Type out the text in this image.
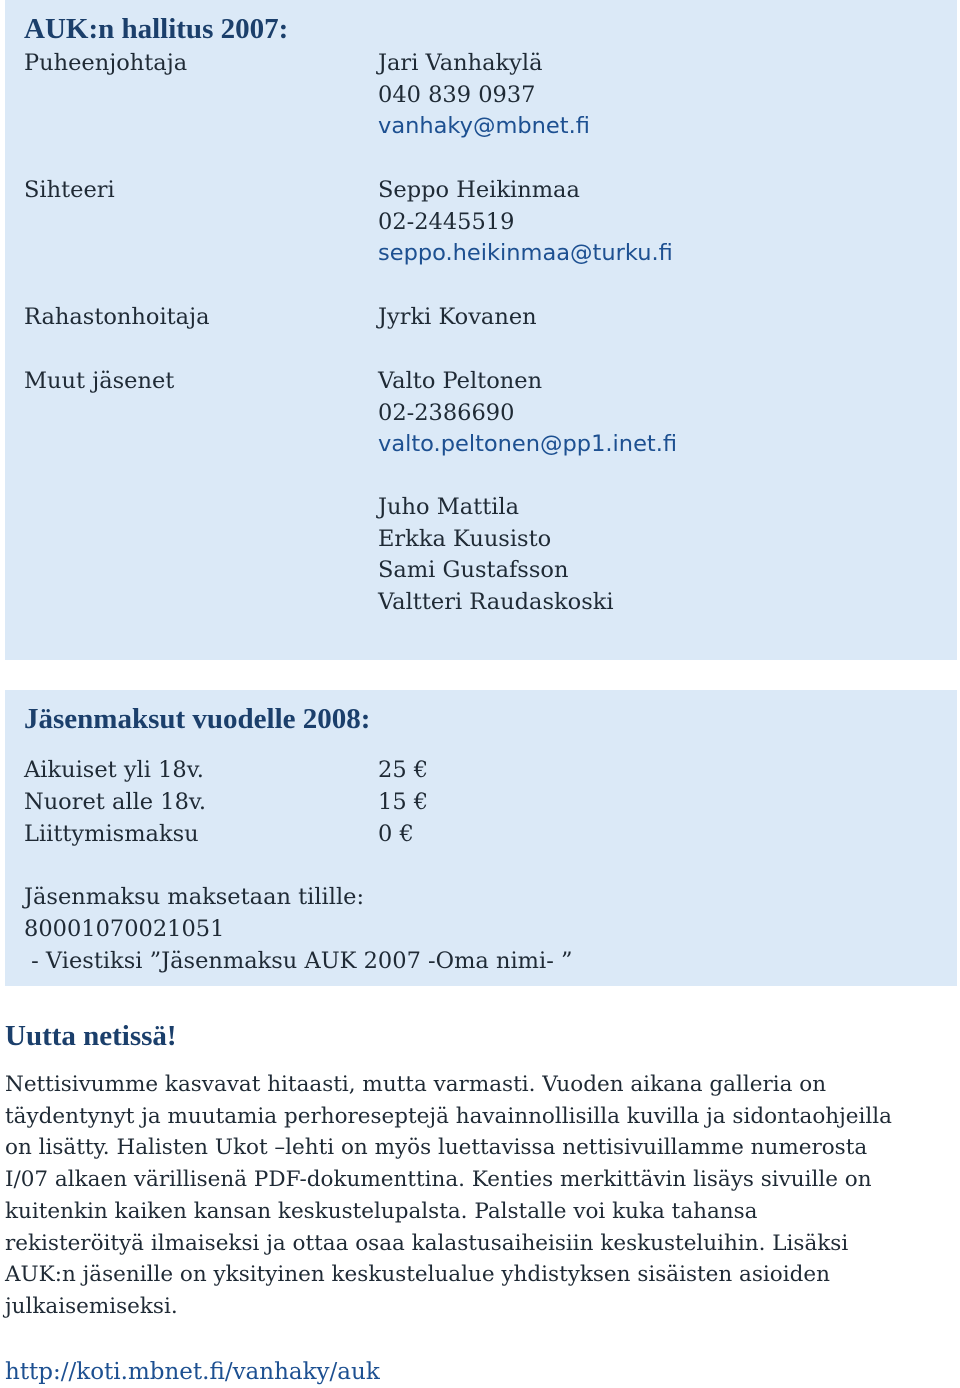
AUK:n hallitus 2007:
Puheenjohtaja	Jari Vanhakylä
040 839 0937
vanhaky@mbnet.fi
Sihteeri	Seppo Heikinmaa
02-2445519
seppo.heikinmaa@turku.fi
Rahastonhoitaja	Jyrki Kovanen
Muut jäsenet	Valto Peltonen
02-2386690
valto.peltonen@pp1.inet.fi
Juho Mattila
Erkka Kuusisto
Sami Gustafsson
Valtteri Raudaskoski
Jäsenmaksut vuodelle 2008:
Aikuiset yli 18v.	25 €
Nuoret alle 18v.	15 €
Liittymismaksu	0 €
Jäsenmaksu maksetaan tilille:
80001070021051
- Viestiksi ”Jäsenmaksu AUK 2007 -Oma nimi- ”
Uutta netissä!
Nettisivumme kasvavat hitaasti, mutta varmasti. Vuoden aikana galleria on
täydentynyt ja muutamia perhoreseptejä havainnollisilla kuvilla ja sidontaohjeilla
on lisätty. Halisten Ukot –lehti on myös luettavissa nettisivuillamme numerosta
I/07 alkaen värillisenä PDF-dokumenttina. Kenties merkittävin lisäys sivuille on
kuitenkin kaiken kansan keskustelupalsta. Palstalle voi kuka tahansa
rekisteröityä ilmaiseksi ja ottaa osaa kalastusaiheisiin keskusteluihin. Lisäksi
AUK:n jäsenille on yksityinen keskustelualue yhdistyksen sisäisten asioiden
julkaisemiseksi.
http://koti.mbnet.fi/vanhaky/auk
